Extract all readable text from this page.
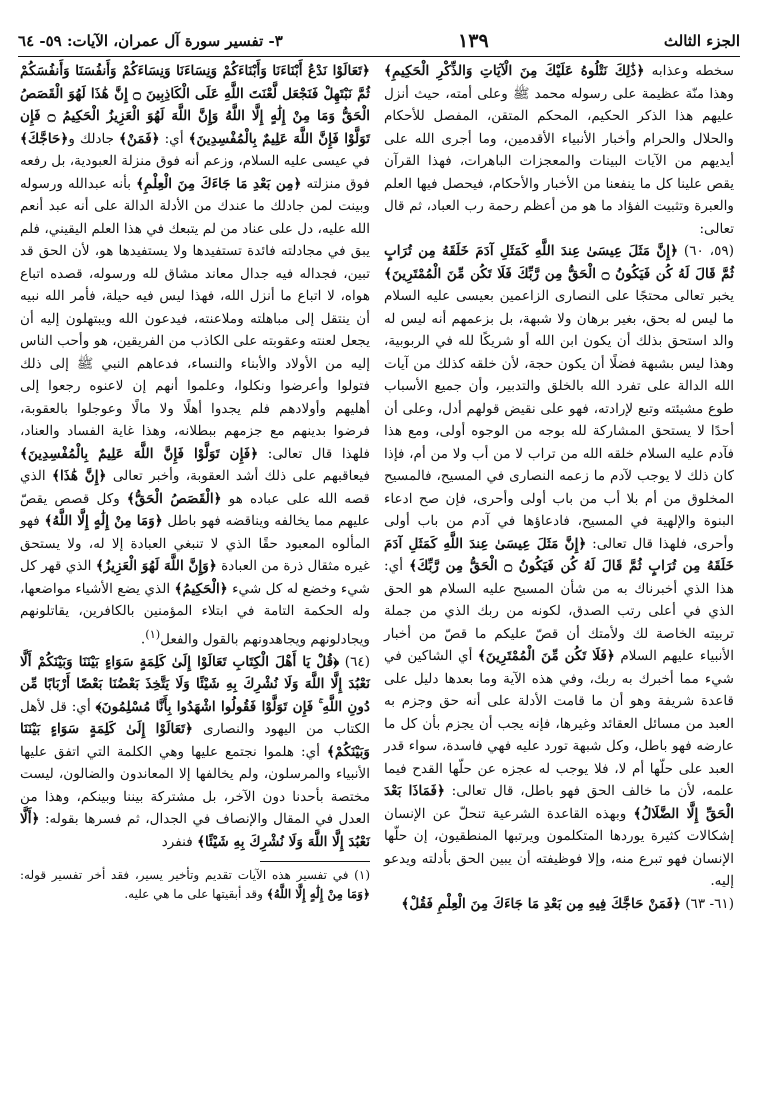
الجزء الثالث
١٣٩
٣- تفسير سورة آل عمران، الآيات: ٥٩- ٦٤

سخطه وعذابه ﴿ذَٰلِكَ نَتْلُوهُ عَلَيْكَ مِنَ الْآيَاتِ وَالذِّكْرِ الْحَكِيمِ﴾ وهذا منّة عظيمة على رسوله محمد ﷺ وعلى أمته، حيث أنزل عليهم هذا الذكر الحكيم، المحكم المتقن، المفصل للأحكام والحلال والحرام وأخبار الأنبياء الأقدمين، وما أجرى الله على أيديهم من الآيات البينات والمعجزات الباهرات، فهذا القرآن يقص علينا كل ما ينفعنا من الأخبار والأحكام، فيحصل فيها العلم والعبرة وتثبيت الفؤاد ما هو من أعظم رحمة رب العباد، ثم قال تعالى:

(٥٩، ٦٠) ﴿إِنَّ مَثَلَ عِيسَىٰ عِندَ اللَّهِ كَمَثَلِ آدَمَ خَلَقَهُ مِن تُرَابٍ ثُمَّ قَالَ لَهُ كُن فَيَكُونُ ۝ الْحَقُّ مِن رَّبِّكَ فَلَا تَكُن مِّنَ الْمُمْتَرِينَ﴾ يخبر تعالى محتجًا على النصارى الزاعمين بعيسى عليه السلام ما ليس له بحق، بغير برهان ولا شبهة، بل بزعمهم أنه ليس له والد استحق بذلك أن يكون ابن الله أو شريكًا لله في الربوبية، وهذا ليس بشبهة فضلًا أن يكون حجة، لأن خلقه كذلك من آيات الله الدالة على تفرد الله بالخلق والتدبير، وأن جميع الأسباب طوع مشيئته وتبع لإرادته، فهو على نقيض قولهم أدل، وعلى أن أحدًا لا يستحق المشاركة لله بوجه من الوجوه أولى، ومع هذا فآدم عليه السلام خلقه الله من تراب لا من أب ولا من أم، فإذا كان ذلك لا يوجب لآدم ما زعمه النصارى في المسيح، فالمسيح المخلوق من أم بلا أب من باب أولى وأحرى، فإن صح ادعاء البنوة والإلهية في المسيح، فادعاؤها في آدم من باب أولى وأحرى، فلهذا قال تعالى: ﴿إِنَّ مَثَلَ عِيسَىٰ عِندَ اللَّهِ كَمَثَلِ آدَمَ خَلَقَهُ مِن تُرَابٍ ثُمَّ قَالَ لَهُ كُن فَيَكُونُ ۝ الْحَقُّ مِن رَّبِّكَ﴾ أي: هذا الذي أخبرناك به من شأن المسيح عليه السلام هو الحق الذي في أعلى رتب الصدق، لكونه من ربك الذي من جملة تربيته الخاصة لك ولأمتك أن قصّ عليكم ما قصّ من أخبار الأنبياء عليهم السلام ﴿فَلَا تَكُن مِّنَ الْمُمْتَرِينَ﴾ أي الشاكين في شيء مما أخبرك به ربك، وفي هذه الآية وما بعدها دليل على قاعدة شريفة وهو أن ما قامت الأدلة على أنه حق وجزم به العبد من مسائل العقائد وغيرها، فإنه يجب أن يجزم بأن كل ما عارضه فهو باطل، وكل شبهة تورد عليه فهي فاسدة، سواء قدر العبد على حلّها أم لا، فلا يوجب له عجزه عن حلّها القدح فيما علمه، لأن ما خالف الحق فهو باطل، قال تعالى: ﴿فَمَاذَا بَعْدَ الْحَقِّ إِلَّا الضَّلَالُ﴾ وبهذه القاعدة الشرعية تنحلّ عن الإنسان إشكالات كثيرة يوردها المتكلمون ويرتبها المنطقيون، إن حلّها الإنسان فهو تبرع منه، وإلا فوظيفته أن يبين الحق بأدلته ويدعو إليه.

(٦١- ٦٣) ﴿فَمَنْ حَاجَّكَ فِيهِ مِن بَعْدِ مَا جَاءَكَ مِنَ الْعِلْمِ فَقُلْ﴾

﴿تَعَالَوْا نَدْعُ أَبْنَاءَنَا وَأَبْنَاءَكُمْ وَنِسَاءَنَا وَنِسَاءَكُمْ وَأَنفُسَنَا وَأَنفُسَكُمْ ثُمَّ نَبْتَهِلْ فَنَجْعَل لَّعْنَتَ اللَّهِ عَلَى الْكَاذِبِينَ ۝ إِنَّ هَٰذَا لَهُوَ الْقَصَصُ الْحَقُّ وَمَا مِنْ إِلَٰهٍ إِلَّا اللَّهُ وَإِنَّ اللَّهَ لَهُوَ الْعَزِيزُ الْحَكِيمُ ۝ فَإِن تَوَلَّوْا فَإِنَّ اللَّهَ عَلِيمٌ بِالْمُفْسِدِينَ﴾ أي: ﴿فَمَنْ﴾ جادلك و﴿حَاجَّكَ﴾ في عيسى عليه السلام، وزعم أنه فوق منزلة العبودية، بل رفعه فوق منزلته ﴿مِن بَعْدِ مَا جَاءَكَ مِنَ الْعِلْمِ﴾ بأنه عبدالله ورسوله وبينت لمن جادلك ما عندك من الأدلة الدالة على أنه عبد أنعم الله عليه، دل على عناد من لم يتبعك في هذا العلم اليقيني، فلم يبق في مجادلته فائدة تستفيدها ولا يستفيدها هو، لأن الحق قد تبين، فجداله فيه جدال معاند مشاق لله ورسوله، قصده اتباع هواه، لا اتباع ما أنزل الله، فهذا ليس فيه حيلة، فأمر الله نبيه أن ينتقل إلى مباهلته وملاعنته، فيدعون الله ويبتهلون إليه أن يجعل لعنته وعقوبته على الكاذب من الفريقين، هو وأحب الناس إليه من الأولاد والأبناء والنساء، فدعاهم النبي ﷺ إلى ذلك فتولوا وأعرضوا ونكلوا، وعلموا أنهم إن لاعنوه رجعوا إلى أهليهم وأولادهم فلم يجدوا أهلًا ولا مالًا وعوجلوا بالعقوبة، فرضوا بدينهم مع جزمهم ببطلانه، وهذا غاية الفساد والعناد، فلهذا قال تعالى: ﴿فَإِن تَوَلَّوْا فَإِنَّ اللَّهَ عَلِيمٌ بِالْمُفْسِدِينَ﴾ فيعاقبهم على ذلك أشد العقوبة، وأخبر تعالى ﴿إِنَّ هَٰذَا﴾ الذي قصه الله على عباده هو ﴿الْقَصَصُ الْحَقُّ﴾ وكل قصص يقصّ عليهم مما يخالفه ويناقضه فهو باطل ﴿وَمَا مِنْ إِلَٰهٍ إِلَّا اللَّهُ﴾ فهو المألوه المعبود حقًا الذي لا تنبغي العبادة إلا له، ولا يستحق غيره مثقال ذرة من العبادة ﴿وَإِنَّ اللَّهَ لَهُوَ الْعَزِيزُ﴾ الذي قهر كل شيء وخضع له كل شيء ﴿الْحَكِيمُ﴾ الذي يضع الأشياء مواضعها، وله الحكمة التامة في ابتلاء المؤمنين بالكافرين، يقاتلونهم ويجادلونهم ويجاهدونهم بالقول والفعل$^{(١)}$.

(٦٤) ﴿قُلْ يَا أَهْلَ الْكِتَابِ تَعَالَوْا إِلَىٰ كَلِمَةٍ سَوَاءٍ بَيْنَنَا وَبَيْنَكُمْ أَلَّا نَعْبُدَ إِلَّا اللَّهَ وَلَا نُشْرِكَ بِهِ شَيْئًا وَلَا يَتَّخِذَ بَعْضُنَا بَعْضًا أَرْبَابًا مِّن دُونِ اللَّهِ ۚ فَإِن تَوَلَّوْا فَقُولُوا اشْهَدُوا بِأَنَّا مُسْلِمُونَ﴾ أي: قل لأهل الكتاب من اليهود والنصارى ﴿تَعَالَوْا إِلَىٰ كَلِمَةٍ سَوَاءٍ بَيْنَنَا وَبَيْنَكُمْ﴾ أي: هلموا نجتمع عليها وهي الكلمة التي اتفق عليها الأنبياء والمرسلون، ولم يخالفها إلا المعاندون والضالون، ليست مختصة بأحدنا دون الآخر، بل مشتركة بيننا وبينكم، وهذا من العدل في المقال والإنصاف في الجدال، ثم فسرها بقوله: ﴿أَلَّا نَعْبُدَ إِلَّا اللَّهَ وَلَا نُشْرِكَ بِهِ شَيْئًا﴾ فنفرد

(١) في تفسير هذه الآيات تقديم وتأخير يسير، فقد أخر تفسير قوله: ﴿وَمَا مِنْ إِلَٰهٍ إِلَّا اللَّهُ﴾ وقد أبقيتها على ما هي عليه.
